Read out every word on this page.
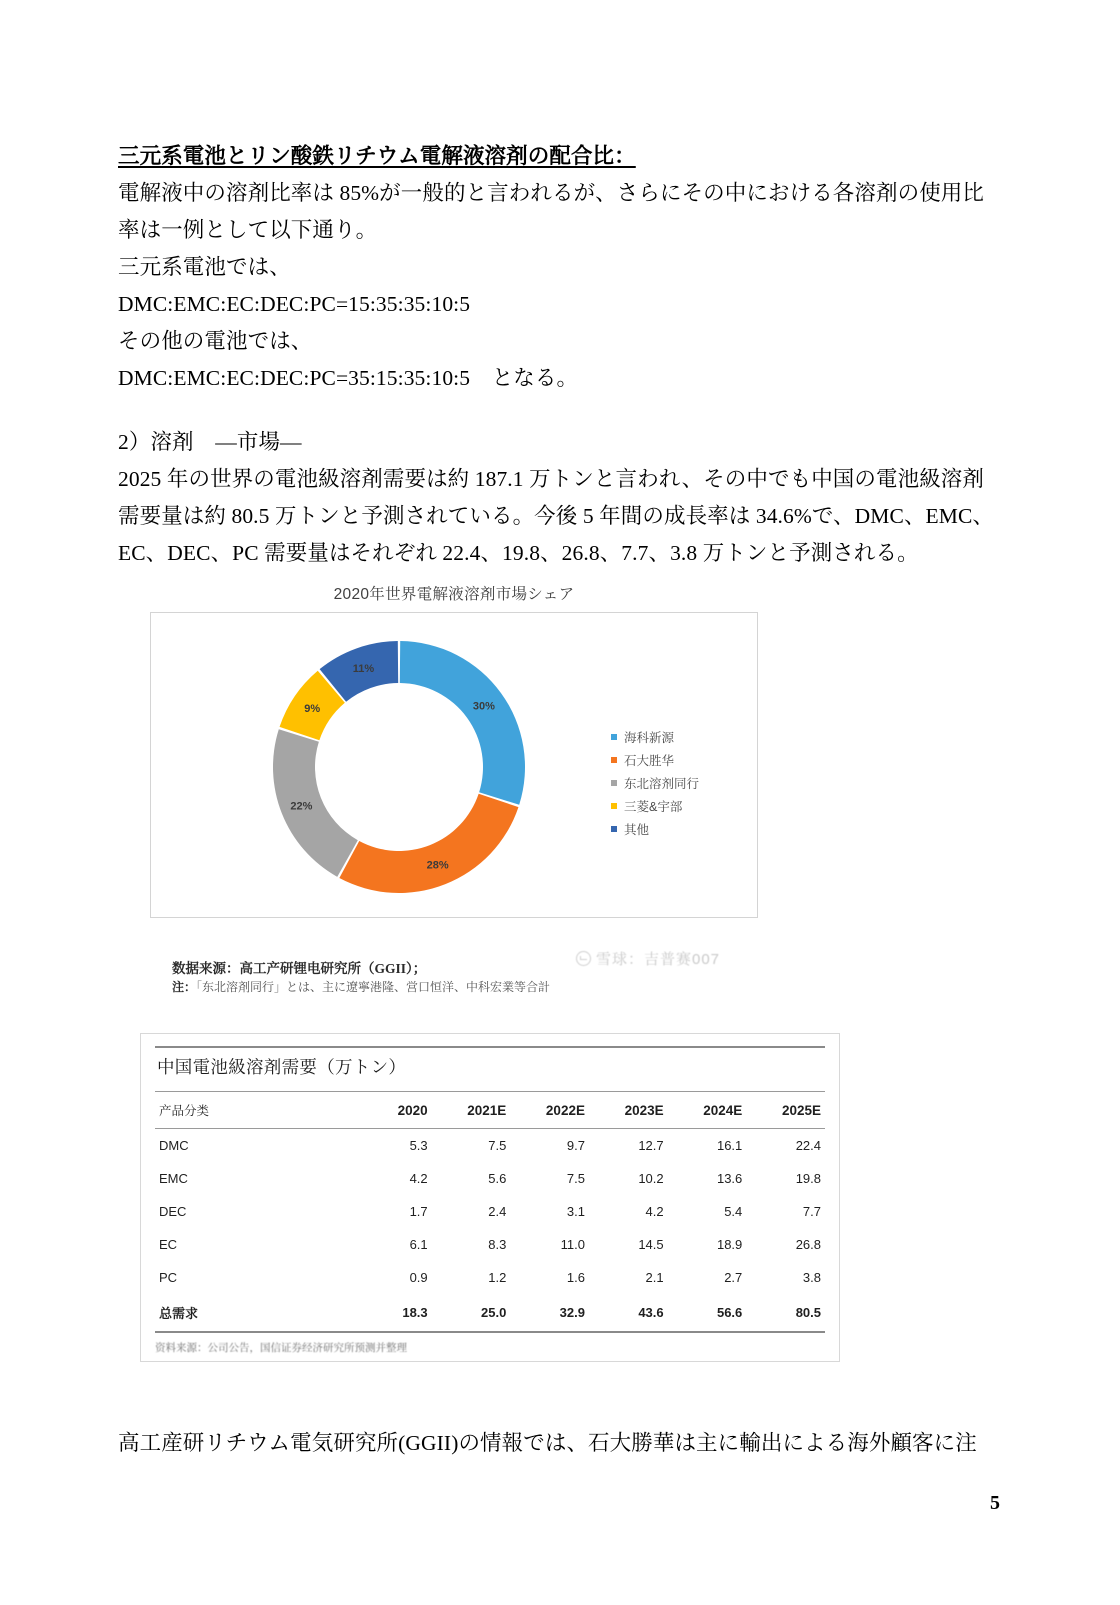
三元系電池とリン酸鉄リチウム電解液溶剤の配合比：
電解液中の溶剤比率は 85%が一般的と言われるが、さらにその中における各溶剤の使用比
率は一例として以下通り。
三元系電池では、
DMC:EMC:EC:DEC:PC=15:35:35:10:5
その他の電池では、
DMC:EMC:EC:DEC:PC=35:15:35:10:5　となる。
2）溶剤　―市場―
2025 年の世界の電池級溶剤需要は約 187.1 万トンと言われ、その中でも中国の電池級溶剤
需要量は約 80.5 万トンと予測されている。今後 5 年間の成長率は 34.6%で、DMC、EMC、
EC、DEC、PC 需要量はそれぞれ 22.4、19.8、26.8、7.7、3.8 万トンと予測される。
2020年世界電解液溶剤市場シェア
30%
28%
22%
9%
11%
海科新源
石大胜华
东北溶剂同行
三菱&宇部
其他
数据来源：高工产研锂电研究所（GGII）；
注：「东北溶剤同行」とは、主に遼寧港隆、営口恒洋、中科宏業等合計
雪球：吉普赛007
中国電池級溶剤需要（万トン）
产品分类	2020	2021E	2022E	2023E	2024E	2025E
DMC	5.3	7.5	9.7	12.7	16.1	22.4
EMC	4.2	5.6	7.5	10.2	13.6	19.8
DEC	1.7	2.4	3.1	4.2	5.4	7.7
EC	6.1	8.3	11.0	14.5	18.9	26.8
PC	0.9	1.2	1.6	2.1	2.7	3.8
总需求	18.3	25.0	32.9	43.6	56.6	80.5
资料来源：公司公告，国信证券经济研究所预测并整理
高工産研リチウム電気研究所(GGII)の情報では、石大勝華は主に輸出による海外顧客に注
5
